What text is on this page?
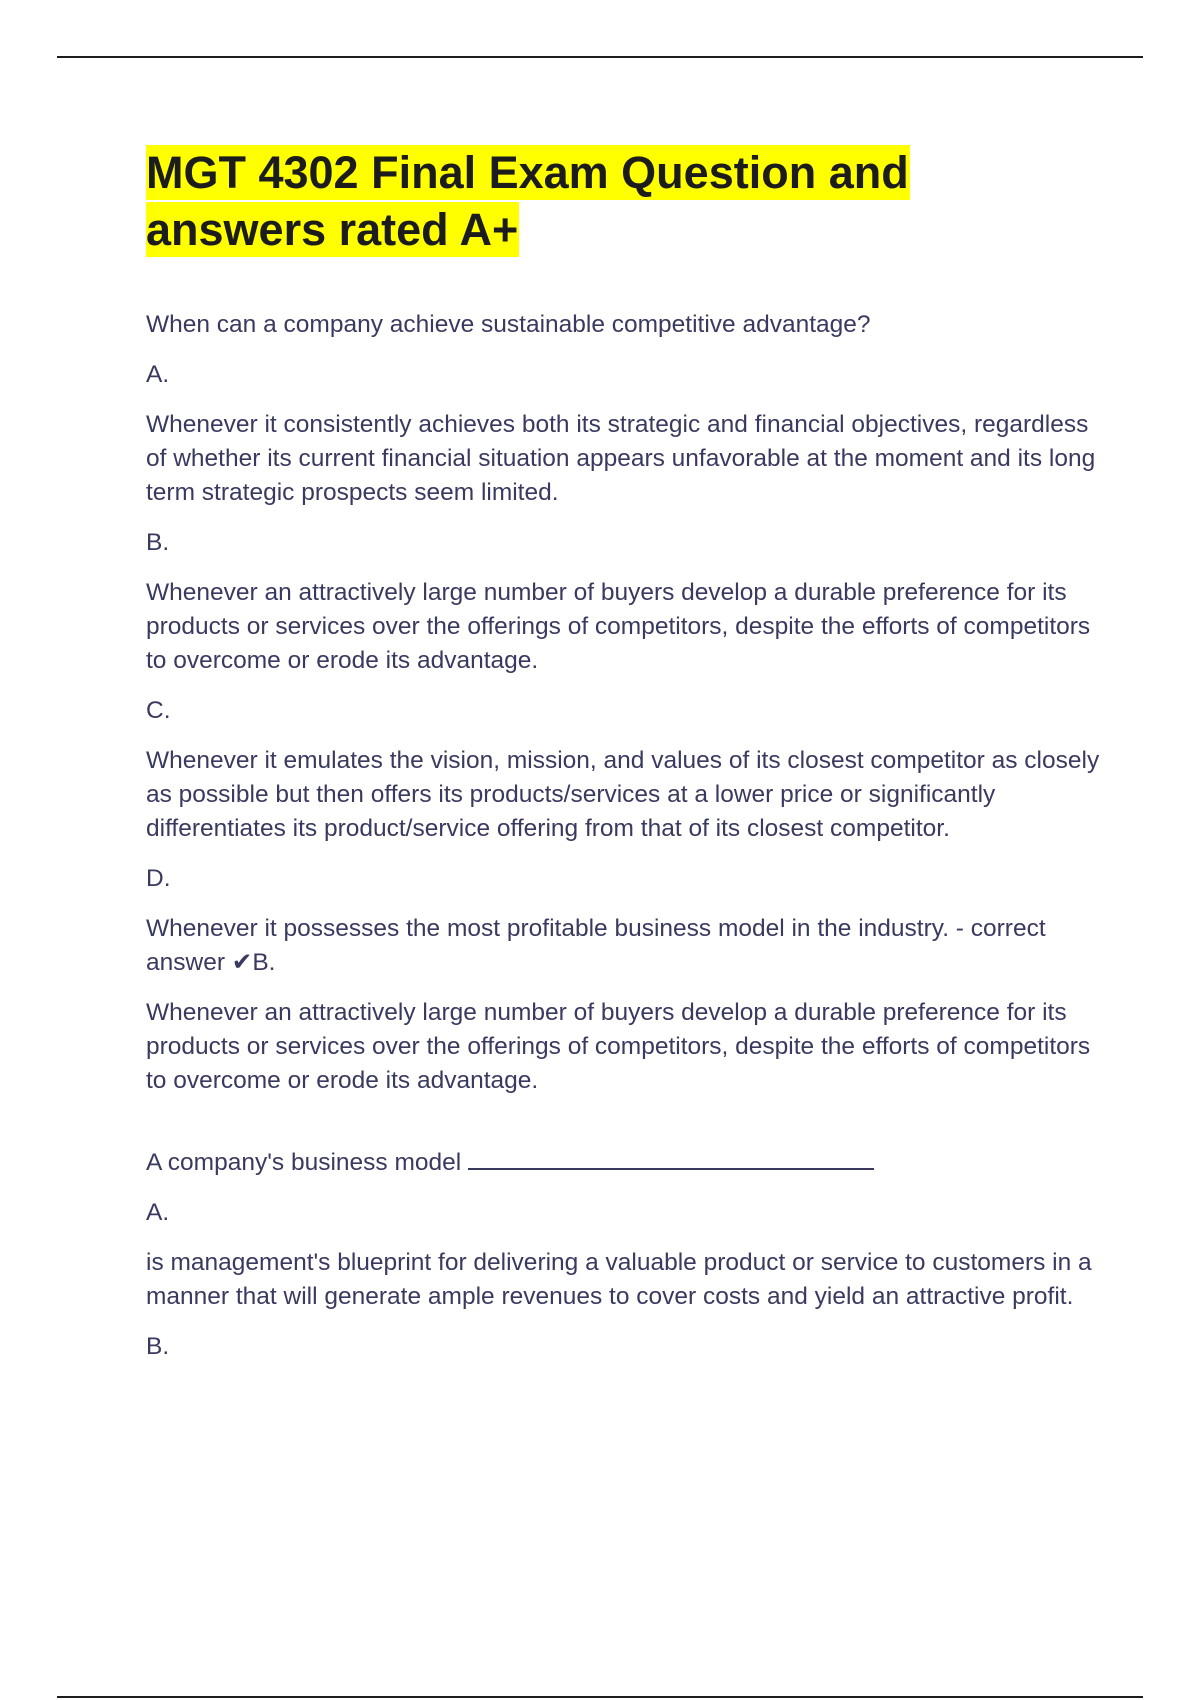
MGT 4302 Final Exam Question and
answers rated A+

When can a company achieve sustainable competitive advantage?

A.

Whenever it consistently achieves both its strategic and financial objectives, regardless of whether its current financial situation appears unfavorable at the moment and its long term strategic prospects seem limited.

B.

Whenever an attractively large number of buyers develop a durable preference for its products or services over the offerings of competitors, despite the efforts of competitors to overcome or erode its advantage.

C.

Whenever it emulates the vision, mission, and values of its closest competitor as closely as possible but then offers its products/services at a lower price or significantly differentiates its product/service offering from that of its closest competitor.

D.

Whenever it possesses the most profitable business model in the industry. - correct answer ✔B.

Whenever an attractively large number of buyers develop a durable preference for its products or services over the offerings of competitors, despite the efforts of competitors to overcome or erode its advantage.

A company's business model

A.

is management's blueprint for delivering a valuable product or service to customers in a manner that will generate ample revenues to cover costs and yield an attractive profit.

B.
